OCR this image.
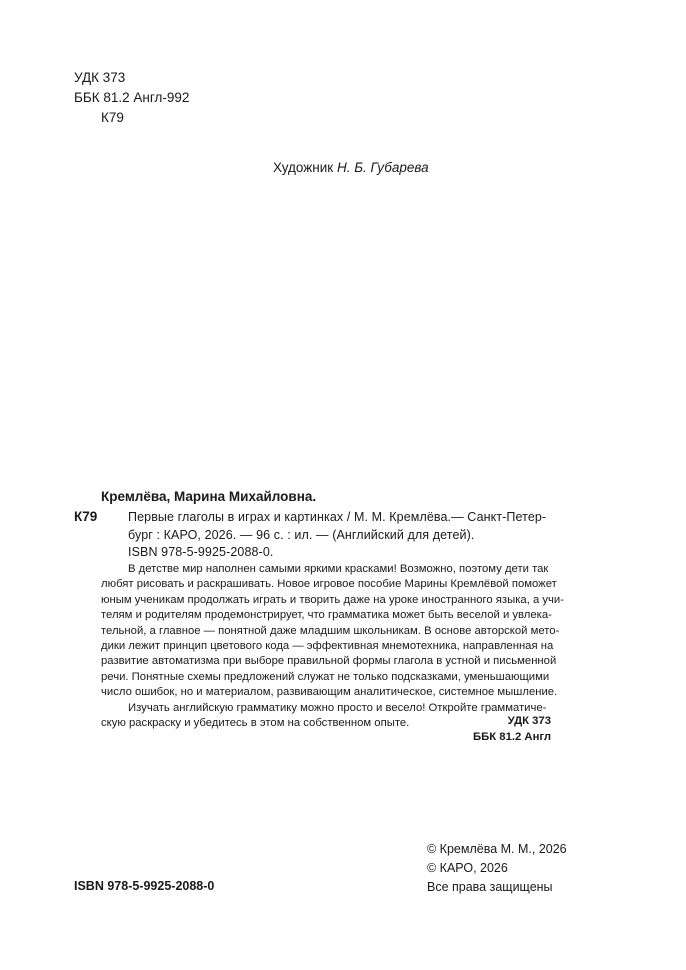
УДК 373
ББК 81.2 Англ-992
К79
Художник Н. Б. Губарева
Кремлёва, Марина Михайловна.
К79 Первые глаголы в играх и картинках / М. М. Кремлёва.— Санкт-Петер-
бург : КАРО, 2026. — 96 с. : ил. — (Английский для детей).
ISBN 978-5-9925-2088-0.
В детстве мир наполнен самыми яркими красками! Возможно, поэтому дети так
любят рисовать и раскрашивать. Новое игровое пособие Марины Кремлёвой поможет
юным ученикам продолжать играть и творить даже на уроке иностранного языка, а учи-
телям и родителям продемонстрирует, что грамматика может быть веселой и увлека-
тельной, а главное — понятной даже младшим школьникам. В основе авторской мето-
дики лежит принцип цветового кода — эффективная мнемотехника, направленная на
развитие автоматизма при выборе правильной формы глагола в устной и письменной
речи. Понятные схемы предложений служат не только подсказками, уменьшающими
число ошибок, но и материалом, развивающим аналитическое, системное мышление.
Изучать английскую грамматику можно просто и весело! Откройте грамматиче-
скую раскраску и убедитесь в этом на собственном опыте.	УДК 373
ББК 81.2 Англ
© Кремлёва М. М., 2026
© КАРО, 2026
Все права защищены
ISBN 978-5-9925-2088-0
